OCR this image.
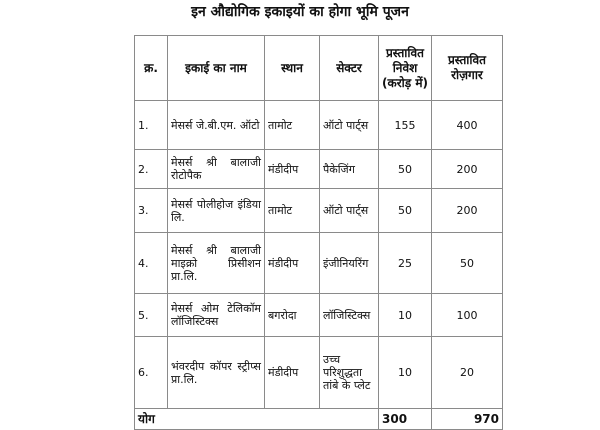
इन औद्योगिक इकाइयों का होगा भूमि पूजन
क्र.	इकाई का नाम	स्थान	सेक्टर	प्रस्तावित निवेश (करोड़ में)	प्रस्तावित रोज़गार
1.	मेसर्स जे.बी.एम. ऑटो	तामोट	ऑटो पार्ट्स	155	400
2.	मेसर्स श्री बालाजी रोटोपैक	मंडीदीप	पैकेजिंग	50	200
3.	मेसर्स पोलीहोज इंडिया लि.	तामोट	ऑटो पार्ट्स	50	200
4.	मेसर्स श्री बालाजी माइक्रो प्रिसीशन प्रा.लि.	मंडीदीप	इंजीनियरिंग	25	50
5.	मेसर्स ओम टेलिकॉम लॉजिस्टिक्स	बगरोदा	लॉजिस्टिक्स	10	100
6.	भंवरदीप कॉपर स्ट्रीप्स प्रा.लि.	मंडीदीप	उच्च परिशुद्धता तांबे के प्लेट	10	20
योग				300	970
